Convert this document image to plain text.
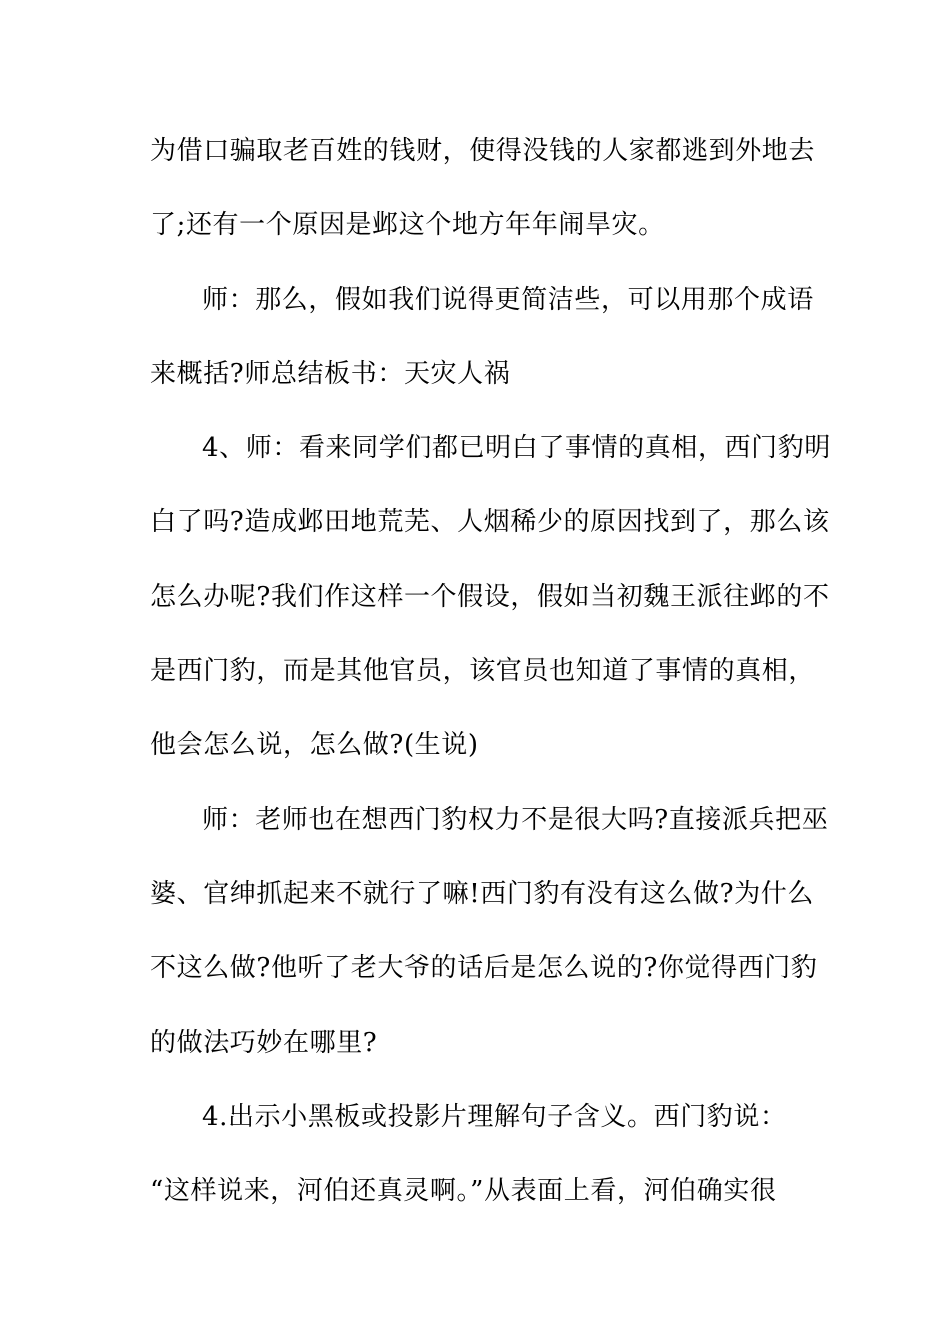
为借口骗取老百姓的钱财，使得没钱的人家都逃到外地去
了;还有一个原因是邺这个地方年年闹旱灾。
师：那么，假如我们说得更简洁些，可以用那个成语
来概括?师总结板书：天灾人祸
4、师：看来同学们都已明白了事情的真相，西门豹明
白了吗?造成邺田地荒芜、人烟稀少的原因找到了，那么该
怎么办呢?我们作这样一个假设，假如当初魏王派往邺的不
是西门豹，而是其他官员，该官员也知道了事情的真相，
他会怎么说，怎么做?(生说)
师：老师也在想西门豹权力不是很大吗?直接派兵把巫
婆、官绅抓起来不就行了嘛!西门豹有没有这么做?为什么
不这么做?他听了老大爷的话后是怎么说的?你觉得西门豹
的做法巧妙在哪里?
4.出示小黑板或投影片理解句子含义。西门豹说：
“这样说来，河伯还真灵啊。”从表面上看，河伯确实很
